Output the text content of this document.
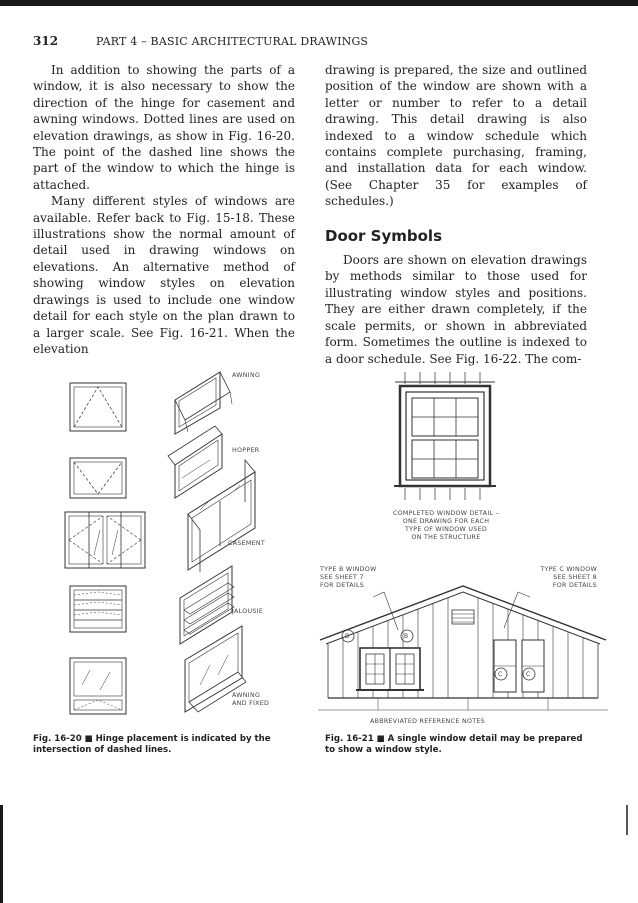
312	PART 4 – BASIC ARCHITECTURAL DRAWINGS

In addition to showing the parts of a window, it is also necessary to show the direction of the hinge for casement and awning windows. Dotted lines are used on elevation drawings, as show in Fig. 16-20. The point of the dashed line shows the part of the window to which the hinge is attached.

Many different styles of windows are available. Refer back to Fig. 15-18. These illustrations show the normal amount of detail used in drawing windows on elevations. An alternative method of showing window styles on elevation drawings is used to include one window detail for each style on the plan drawn to a larger scale. See Fig. 16-21. When the elevation

drawing is prepared, the size and outlined position of the window are shown with a letter or number to refer to a detail drawing. This detail drawing is also indexed to a window schedule which contains complete purchasing, framing, and installation data for each window. (See Chapter 35 for examples of schedules.)

Door Symbols

Doors are shown on elevation drawings by methods similar to those used for illustrating window styles and positions. They are either drawn completely, if the scale permits, or shown in abbreviated form. Sometimes the outline is indexed to a door schedule. See Fig. 16-22. The com-

AWNING
HOPPER
CASEMENT
JALOUSIE
AWNING
AND FIXED
Fig. 16-20 ■ Hinge placement is indicated by the intersection of dashed lines.
COMPLETED WINDOW DETAIL –
ONE DRAWING FOR EACH
TYPE OF WINDOW USED
ON THE STRUCTURE
TYPE B WINDOW
SEE SHEET 7
FOR DETAILS
TYPE C WINDOW
SEE SHEET 8
FOR DETAILS
B	B
C	C
ABBREVIATED REFERENCE NOTES
Fig. 16-21 ■ A single window detail may be prepared to show a window style.
